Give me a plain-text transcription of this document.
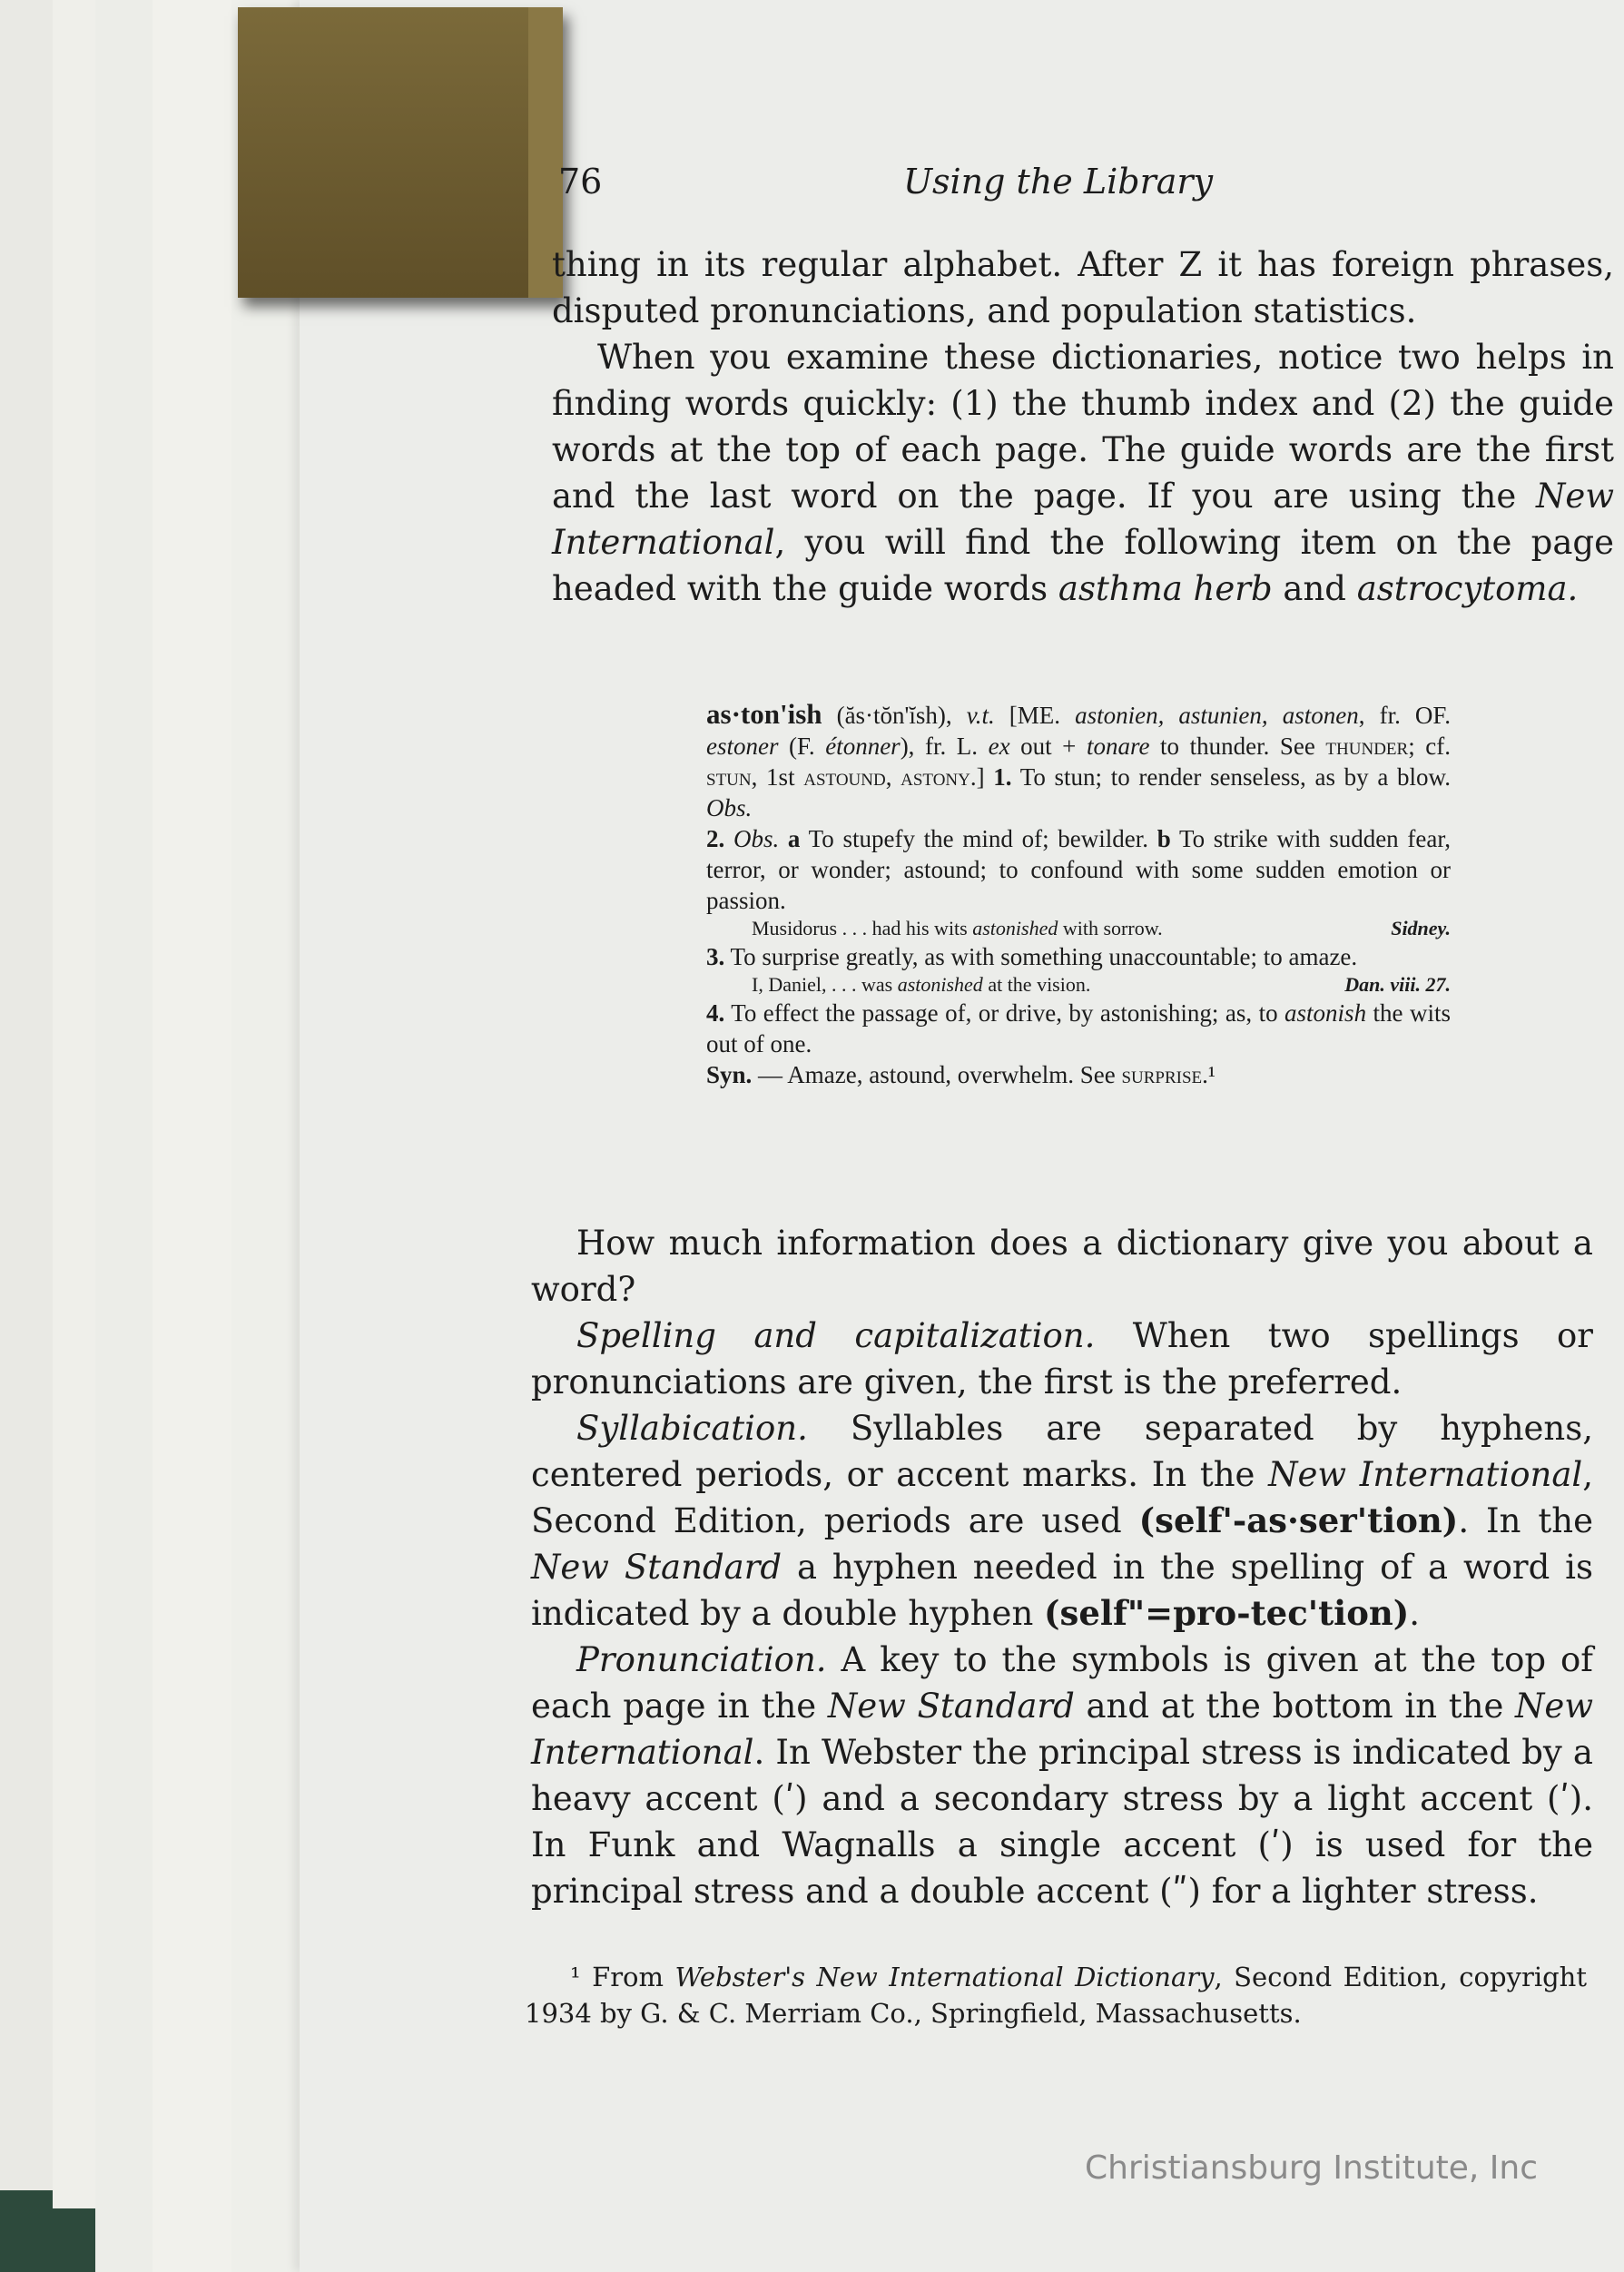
76	Using the Library

thing in its regular alphabet. After Z it has foreign phrases, disputed pronunciations, and population statistics.

When you examine these dictionaries, notice two helps in finding words quickly: (1) the thumb index and (2) the guide words at the top of each page. The guide words are the first and the last word on the page. If you are using the New International, you will find the following item on the page headed with the guide words asthma herb and astrocytoma.

as·ton'ish (ăs·tŏn'ĭsh), v.t. [ME. astonien, astunien, astonen, fr. OF. estoner (F. étonner), fr. L. ex out + tonare to thunder. See thunder; cf. stun, 1st astound, astony.] 1. To stun; to render senseless, as by a blow. Obs.

2. Obs. a To stupefy the mind of; bewilder. b To strike with sudden fear, terror, or wonder; astound; to confound with some sudden emotion or passion.

Musidorus . . . had his wits astonished with sorrow.	Sidney.

3. To surprise greatly, as with something unaccountable; to amaze.

I, Daniel, . . . was astonished at the vision.	Dan. viii. 27.

4. To effect the passage of, or drive, by astonishing; as, to astonish the wits out of one.

Syn. — Amaze, astound, overwhelm. See surprise.¹

How much information does a dictionary give you about a word?

Spelling and capitalization. When two spellings or pronunciations are given, the first is the preferred.

Syllabication. Syllables are separated by hyphens, centered periods, or accent marks. In the New International, Second Edition, periods are used (self'-as·ser'tion). In the New Standard a hyphen needed in the spelling of a word is indicated by a double hyphen (self"=pro-tec'tion).

Pronunciation. A key to the symbols is given at the top of each page in the New Standard and at the bottom in the New International. In Webster the principal stress is indicated by a heavy accent (ʹ) and a secondary stress by a light accent (ʹ). In Funk and Wagnalls a single accent (ʹ) is used for the principal stress and a double accent (ʺ) for a lighter stress.

¹ From Webster's New International Dictionary, Second Edition, copyright 1934 by G. & C. Merriam Co., Springfield, Massachusetts.

Christiansburg Institute, Inc
